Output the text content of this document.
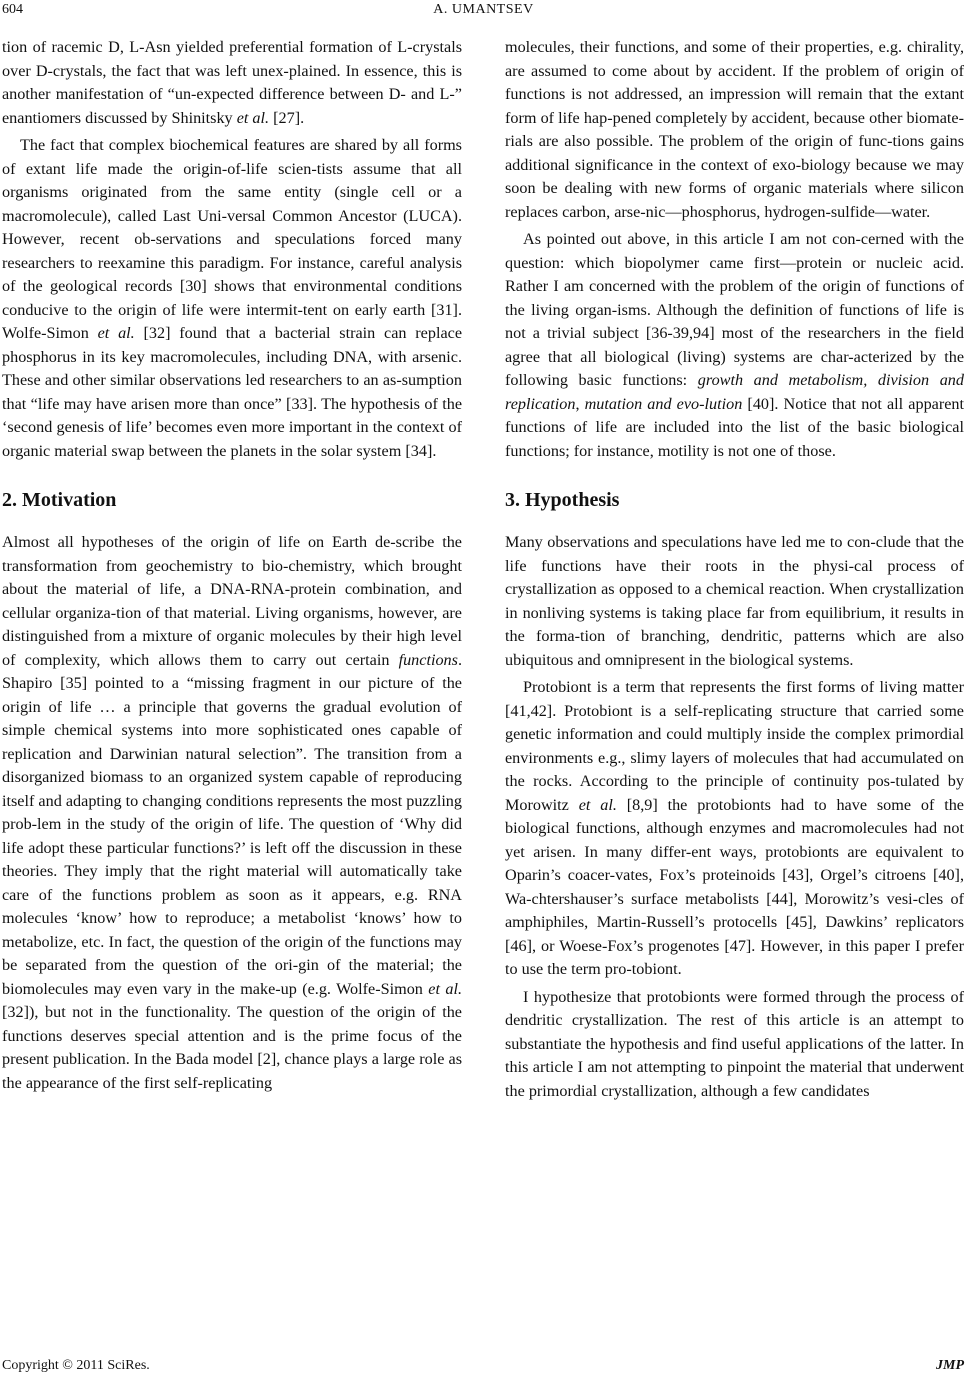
604	A. UMANTSEV

tion of racemic D, L-Asn yielded preferential formation of L-crystals over D-crystals, the fact that was left unex-plained. In essence, this is another manifestation of “un-expected difference between D- and L-” enantiomers discussed by Shinitsky et al. [27].

The fact that complex biochemical features are shared by all forms of extant life made the origin-of-life scien-tists assume that all organisms originated from the same entity (single cell or a macromolecule), called Last Uni-versal Common Ancestor (LUCA). However, recent ob-servations and speculations forced many researchers to reexamine this paradigm. For instance, careful analysis of the geological records [30] shows that environmental conditions conducive to the origin of life were intermit-tent on early earth [31]. Wolfe-Simon et al. [32] found that a bacterial strain can replace phosphorus in its key macromolecules, including DNA, with arsenic. These and other similar observations led researchers to an as-sumption that “life may have arisen more than once” [33]. The hypothesis of the ‘second genesis of life’ becomes even more important in the context of organic material swap between the planets in the solar system [34].

2. Motivation

Almost all hypotheses of the origin of life on Earth de-scribe the transformation from geochemistry to bio-chemistry, which brought about the material of life, a DNA-RNA-protein combination, and cellular organiza-tion of that material. Living organisms, however, are distinguished from a mixture of organic molecules by their high level of complexity, which allows them to carry out certain functions. Shapiro [35] pointed to a “missing fragment in our picture of the origin of life … a principle that governs the gradual evolution of simple chemical systems into more sophisticated ones capable of replication and Darwinian natural selection”. The transition from a disorganized biomass to an organized system capable of reproducing itself and adapting to changing conditions represents the most puzzling prob-lem in the study of the origin of life. The question of ‘Why did life adopt these particular functions?’ is left off the discussion in these theories. They imply that the right material will automatically take care of the functions problem as soon as it appears, e.g. RNA molecules ‘know’ how to reproduce; a metabolist ‘knows’ how to metabolize, etc. In fact, the question of the origin of the functions may be separated from the question of the ori-gin of the material; the biomolecules may even vary in the make-up (e.g. Wolfe-Simon et al. [32]), but not in the functionality. The question of the origin of the functions deserves special attention and is the prime focus of the present publication. In the Bada model [2], chance plays a large role as the appearance of the first self-replicating

molecules, their functions, and some of their properties, e.g. chirality, are assumed to come about by accident. If the problem of origin of functions is not addressed, an impression will remain that the extant form of life hap-pened completely by accident, because other biomate-rials are also possible. The problem of the origin of func-tions gains additional significance in the context of exo-biology because we may soon be dealing with new forms of organic materials where silicon replaces carbon, arse-nic—phosphorus, hydrogen-sulfide—water.

As pointed out above, in this article I am not con-cerned with the question: which biopolymer came first—protein or nucleic acid. Rather I am concerned with the problem of the origin of functions of the living organ-isms. Although the definition of functions of life is not a trivial subject [36-39,94] most of the researchers in the field agree that all biological (living) systems are char-acterized by the following basic functions: growth and metabolism, division and replication, mutation and evo-lution [40]. Notice that not all apparent functions of life are included into the list of the basic biological functions; for instance, motility is not one of those.

3. Hypothesis

Many observations and speculations have led me to con-clude that the life functions have their roots in the physi-cal process of crystallization as opposed to a chemical reaction. When crystallization in nonliving systems is taking place far from equilibrium, it results in the forma-tion of branching, dendritic, patterns which are also ubiquitous and omnipresent in the biological systems.

Protobiont is a term that represents the first forms of living matter [41,42]. Protobiont is a self-replicating structure that carried some genetic information and could multiply inside the complex primordial environments e.g., slimy layers of molecules that had accumulated on the rocks. According to the principle of continuity pos-tulated by Morowitz et al. [8,9] the protobionts had to have some of the biological functions, although enzymes and macromolecules had not yet arisen. In many differ-ent ways, protobionts are equivalent to Oparin’s coacer-vates, Fox’s proteinoids [43], Orgel’s citroens [40], Wa-chtershauser’s surface metabolists [44], Morowitz’s vesi-cles of amphiphiles, Martin-Russell’s protocells [45], Dawkins’ replicators [46], or Woese-Fox’s progenotes [47]. However, in this paper I prefer to use the term pro-tobiont.

I hypothesize that protobionts were formed through the process of dendritic crystallization. The rest of this article is an attempt to substantiate the hypothesis and find useful applications of the latter. In this article I am not attempting to pinpoint the material that underwent the primordial crystallization, although a few candidates

Copyright © 2011 SciRes.	JMP
